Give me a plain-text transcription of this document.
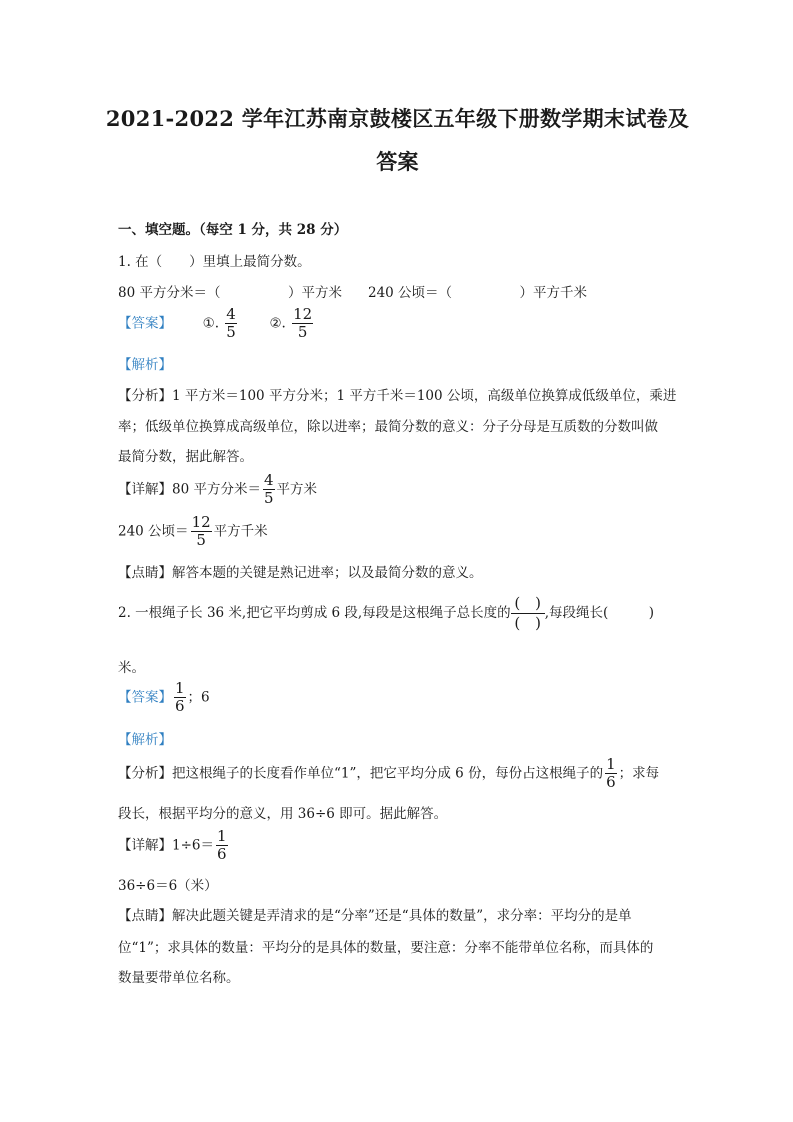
2021-2022 学年江苏南京鼓楼区五年级下册数学期末试卷及
答案
一、填空题。（每空 1 分，共 28 分）
1. 在（　　）里填上最简分数。
80 平方分米＝（　　　　　）平方米 240 公顷＝（　　　　　）平方千米
【答案】 ①. $\frac{4}{5}$ ②. $\frac{12}{5}$
【解析】
【分析】1 平方米＝100 平方分米；1 平方千米＝100 公顷，高级单位换算成低级单位，乘进
率；低级单位换算成高级单位，除以进率；最简分数的意义：分子分母是互质数的分数叫做
最简分数，据此解答。
【详解】80 平方分米＝ $\frac{4}{5}$ 平方米
240 公顷＝ $\frac{12}{5}$ 平方千米
【点睛】解答本题的关键是熟记进率；以及最简分数的意义。
2. 一根绳子长 36 米,把它平均剪成 6 段,每段是这根绳子总长度的 $\frac{( )}{( )}$,每段绳长(　　　)
米。
【答案】 $\frac{1}{6}$ ；6
【解析】
【分析】把这根绳子的长度看作单位“1”，把它平均分成 6 份，每份占这根绳子的 $\frac{1}{6}$ ；求每
段长，根据平均分的意义，用 36÷6 即可。据此解答。
【详解】$1\div 6= \frac{1}{6}$
36÷6＝6（米）
【点睛】解决此题关键是弄清求的是“分率”还是“具体的数量”，求分率：平均分的是单
位“1”；求具体的数量：平均分的是具体的数量，要注意：分率不能带单位名称，而具体的
数量要带单位名称。
